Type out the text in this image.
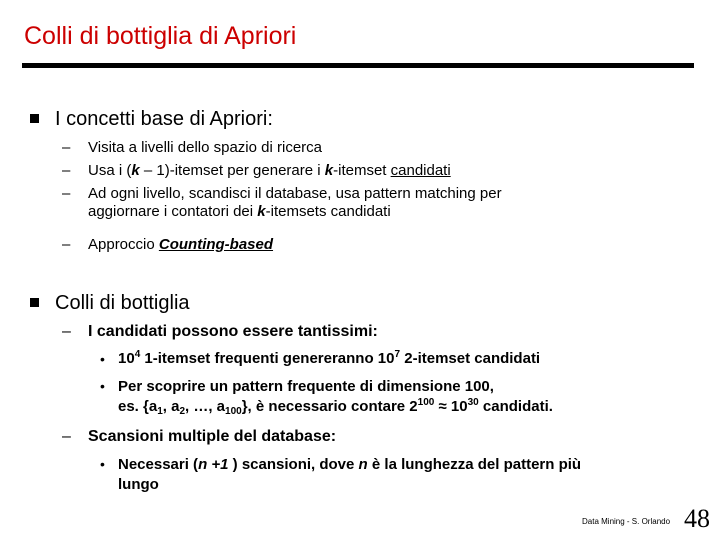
Colli di bottiglia di Apriori
I concetti base di Apriori:
– Visita a livelli dello spazio di ricerca
– Usa i (k – 1)-itemset per generare i k-itemset candidati
– Ad ogni livello, scandisci il database, usa pattern matching per
aggiornare i contatori dei k-itemsets candidati
– Approccio Counting-based
Colli di bottiglia
– I candidati possono essere tantissimi:
• $10^4$ 1-itemset frequenti genereranno $10^7$ 2-itemset candidati
• Per scoprire un pattern frequente di dimensione 100,
es. {$a_1$, $a_2$, …, $a_{100}$}, è necessario contare $2^{100} \approx 10^{30}$ candidati.
– Scansioni multiple del database:
• Necessari (n +1 ) scansioni, dove n è la lunghezza del pattern più
lungo
Data Mining - S. Orlando 48
